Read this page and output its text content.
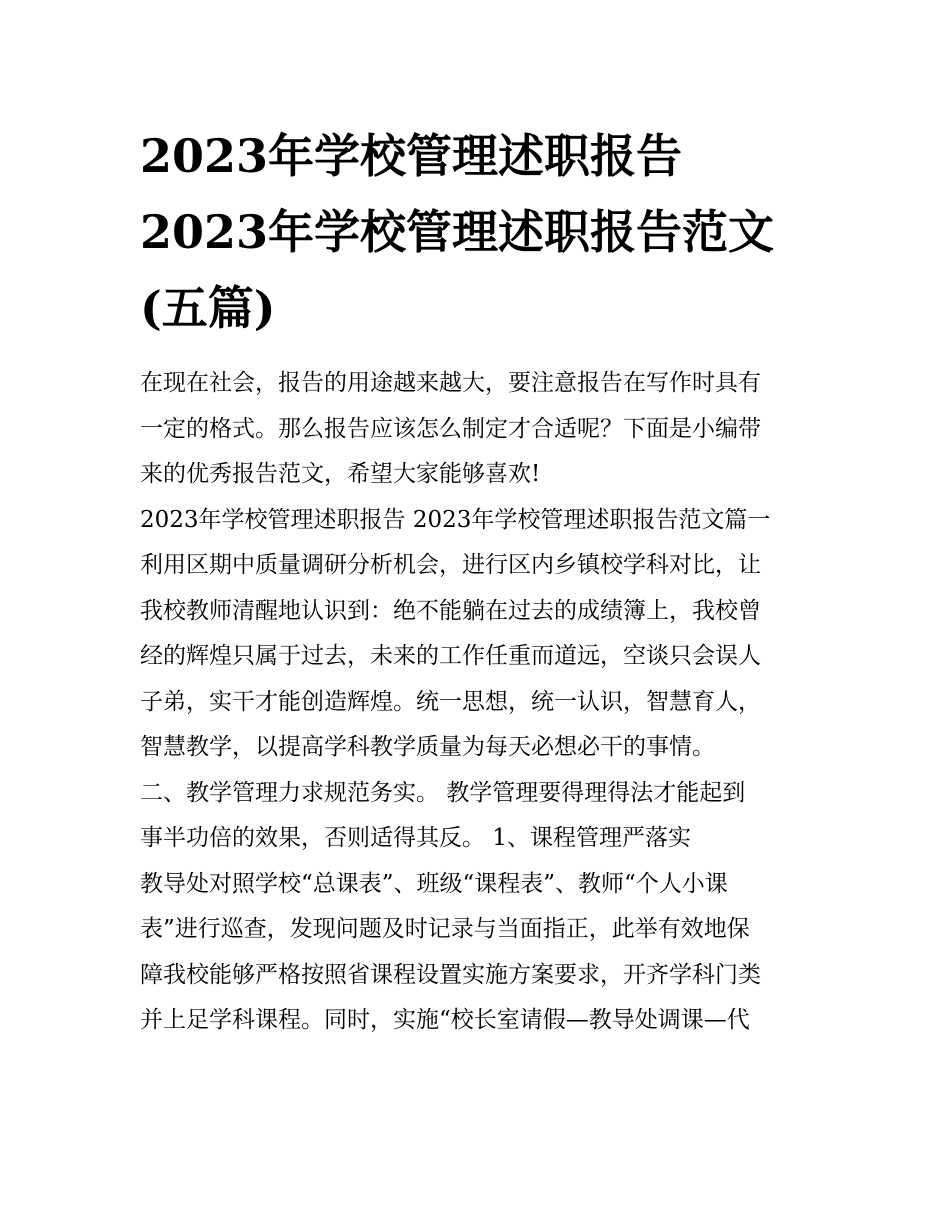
2023年学校管理述职报告
2023年学校管理述职报告范文
(五篇)

在现在社会，报告的用途越来越大，要注意报告在写作时具有
一定的格式。那么报告应该怎么制定才合适呢？下面是小编带
来的优秀报告范文，希望大家能够喜欢!

2023年学校管理述职报告 2023年学校管理述职报告范文篇一

利用区期中质量调研分析机会，进行区内乡镇校学科对比，让
我校教师清醒地认识到：绝不能躺在过去的成绩簿上，我校曾
经的辉煌只属于过去，未来的工作任重而道远，空谈只会误人
子弟，实干才能创造辉煌。统一思想，统一认识，智慧育人，
智慧教学，以提高学科教学质量为每天必想必干的事情。

二、教学管理力求规范务实。 教学管理要得理得法才能起到
事半功倍的效果，否则适得其反。 1、课程管理严落实

教导处对照学校“总课表”、班级“课程表”、教师“个人小课
表”进行巡查，发现问题及时记录与当面指正，此举有效地保
障我校能够严格按照省课程设置实施方案要求，开齐学科门类
并上足学科课程。同时，实施“校长室请假—教导处调课—代
